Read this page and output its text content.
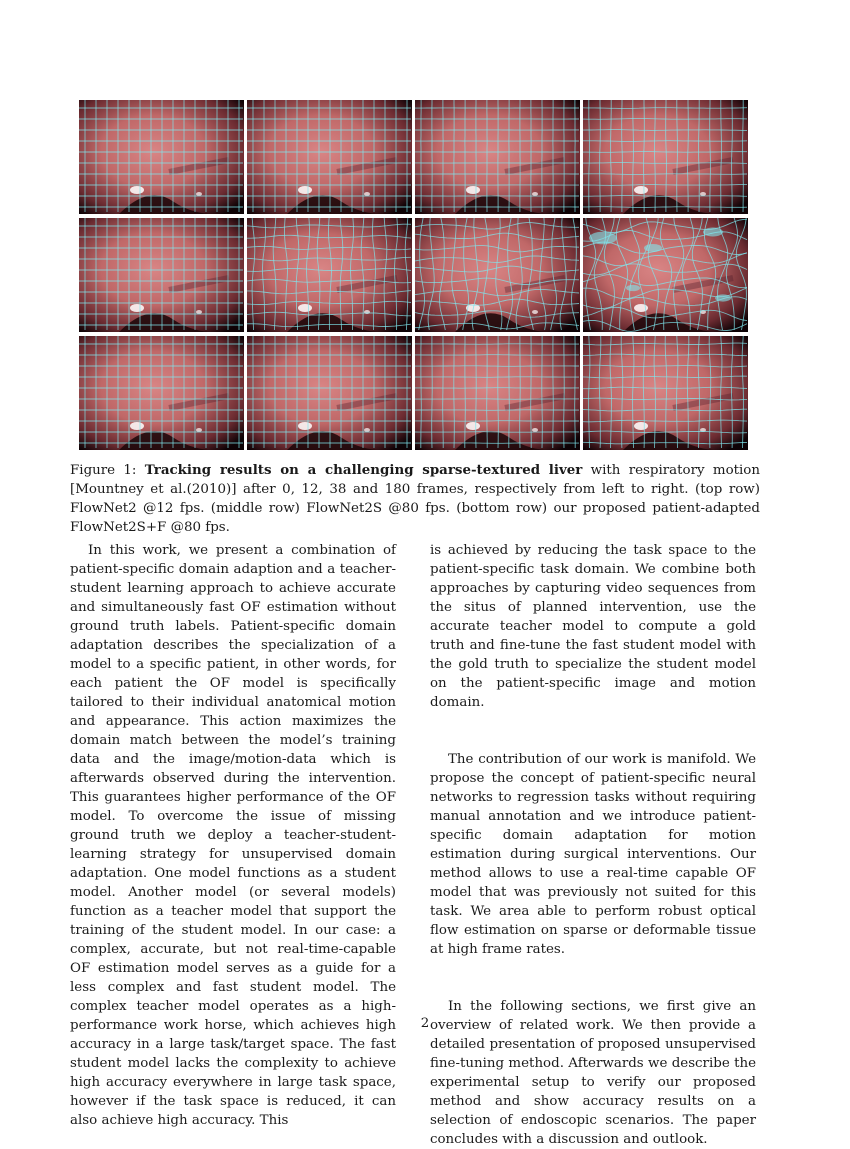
Figure 1: Tracking results on a challenging sparse-textured liver with respiratory motion [Mountney et al.(2010)] after 0, 12, 38 and 180 frames, respectively from left to right. (top row) FlowNet2 @12 fps. (middle row) FlowNet2S @80 fps. (bottom row) our proposed patient-adapted FlowNet2S+F @80 fps.

In this work, we present a combination of patient-specific domain adaption and a teacher-student learning approach to achieve accurate and simultaneously fast OF estimation without ground truth labels. Patient-specific domain adaptation describes the specialization of a model to a specific patient, in other words, for each patient the OF model is specifically tailored to their individual anatomical motion and appearance. This action maximizes the domain match between the model’s training data and the image/motion-data which is afterwards observed during the intervention. This guarantees higher performance of the OF model. To overcome the issue of missing ground truth we deploy a teacher-student-learning strategy for unsupervised domain adaptation. One model functions as a student model. Another model (or several models) function as a teacher model that support the training of the student model. In our case: a complex, accurate, but not real-time-capable OF estimation model serves as a guide for a less complex and fast student model. The complex teacher model operates as a high-performance work horse, which achieves high accuracy in a large task/target space. The fast student model lacks the complexity to achieve high accuracy everywhere in large task space, however if the task space is reduced, it can also achieve high accuracy. This

is achieved by reducing the task space to the patient-specific task domain. We combine both approaches by capturing video sequences from the situs of planned intervention, use the accurate teacher model to compute a gold truth and fine-tune the fast student model with the gold truth to specialize the student model on the patient-specific image and motion domain.

The contribution of our work is manifold. We propose the concept of patient-specific neural networks to regression tasks without requiring manual annotation and we introduce patient-specific domain adaptation for motion estimation during surgical interventions. Our method allows to use a real-time capable OF model that was previously not suited for this task. We area able to perform robust optical flow estimation on sparse or deformable tissue at high frame rates.

In the following sections, we first give an overview of related work. We then provide a detailed presentation of proposed unsupervised fine-tuning method. Afterwards we describe the experimental setup to verify our proposed method and show accuracy results on a selection of endoscopic scenarios. The paper concludes with a discussion and outlook.

2
